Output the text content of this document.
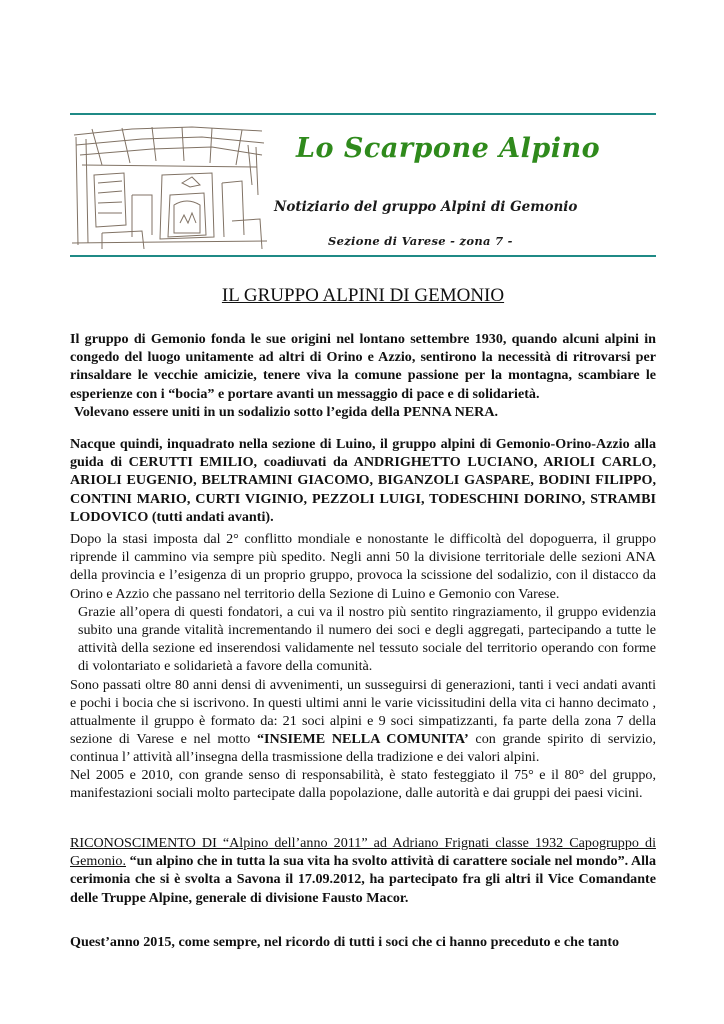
Lo Scarpone Alpino
Notiziario del gruppo Alpini di Gemonio
Sezione di Varese - zona 7 -
IL GRUPPO ALPINI DI GEMONIO
Il gruppo di Gemonio fonda le sue origini nel lontano settembre 1930, quando alcuni alpini in congedo del luogo unitamente ad altri di Orino e Azzio, sentirono la necessità di ritrovarsi per rinsaldare le vecchie amicizie, tenere viva la comune passione per la montagna, scambiare le esperienze con i “bocia” e portare avanti un messaggio di pace e di solidarietà.
Volevano essere uniti in un sodalizio sotto l’egida della PENNA NERA.
Nacque quindi, inquadrato nella sezione di Luino, il gruppo alpini di Gemonio-Orino-Azzio alla guida di CERUTTI EMILIO, coadiuvati da ANDRIGHETTO LUCIANO, ARIOLI CARLO, ARIOLI EUGENIO, BELTRAMINI GIACOMO, BIGANZOLI GASPARE, BODINI FILIPPO, CONTINI MARIO, CURTI VIGINIO, PEZZOLI LUIGI, TODESCHINI DORINO, STRAMBI LODOVICO (tutti andati avanti).
Dopo la stasi imposta dal 2° conflitto mondiale e nonostante le difficoltà del dopoguerra, il gruppo riprende il cammino via sempre più spedito. Negli anni 50 la divisione territoriale delle sezioni ANA della provincia e l’esigenza di un proprio gruppo, provoca la scissione del sodalizio, con il distacco da Orino e Azzio che passano nel territorio della Sezione di Luino e Gemonio con Varese.
Grazie all’opera di questi fondatori, a cui va il nostro più sentito ringraziamento, il gruppo evidenzia subito una grande vitalità incrementando il numero dei soci e degli aggregati, partecipando a tutte le attività della sezione ed inserendosi validamente nel tessuto sociale del territorio operando con forme di volontariato e solidarietà a favore della comunità.
Sono passati oltre 80 anni densi di avvenimenti, un susseguirsi di generazioni, tanti i veci andati avanti e pochi i bocia che si iscrivono. In questi ultimi anni le varie vicissitudini della vita ci hanno decimato , attualmente il gruppo è formato da: 21 soci alpini e 9 soci simpatizzanti, fa parte della zona 7 della sezione di Varese e nel motto “INSIEME NELLA COMUNITA’ con grande spirito di servizio, continua l’ attività all’insegna della trasmissione della tradizione e dei valori alpini.
Nel 2005 e 2010, con grande senso di responsabilità, è stato festeggiato il 75° e il 80° del gruppo, manifestazioni sociali molto partecipate dalla popolazione, dalle autorità e dai gruppi dei paesi vicini.
RICONOSCIMENTO DI “Alpino dell’anno 2011” ad Adriano Frignati classe 1932 Capogruppo di Gemonio. “un alpino che in tutta la sua vita ha svolto attività di carattere sociale nel mondo”. Alla cerimonia che si è svolta a Savona il 17.09.2012, ha partecipato fra gli altri il Vice Comandante delle Truppe Alpine, generale di divisione Fausto Macor.
Quest’anno 2015, come sempre, nel ricordo di tutti i soci che ci hanno preceduto e che tanto
